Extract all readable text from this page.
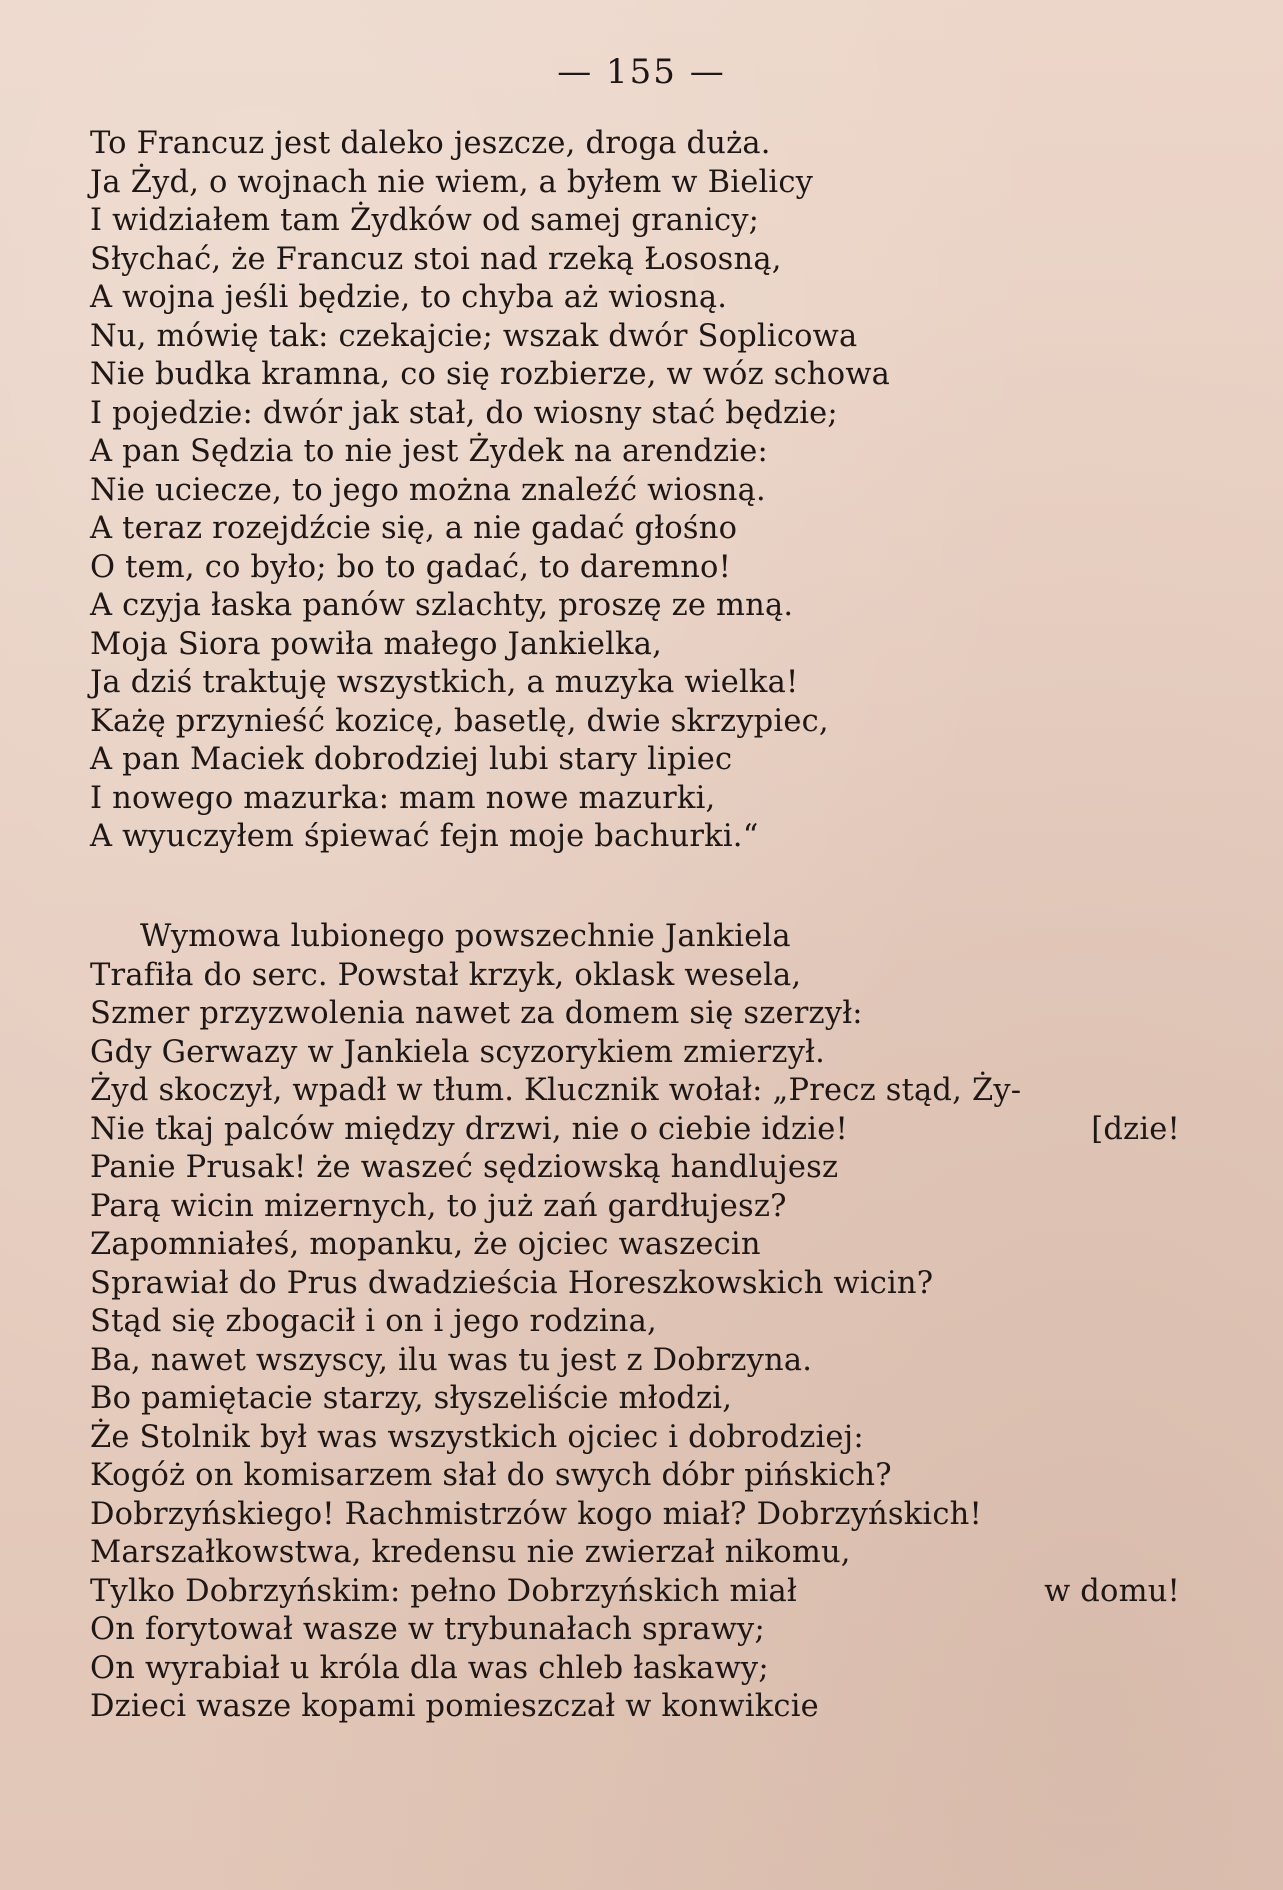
— 155 —
To Francuz jest daleko jeszcze, droga duża.
Ja Żyd, o wojnach nie wiem, a byłem w Bielicy
I widziałem tam Żydków od samej granicy;
Słychać, że Francuz stoi nad rzeką Łososną,
A wojna jeśli będzie, to chyba aż wiosną.
Nu, mówię tak: czekajcie; wszak dwór Soplicowa
Nie budka kramna, co się rozbierze, w wóz schowa
I pojedzie: dwór jak stał, do wiosny stać będzie;
A pan Sędzia to nie jest Żydek na arendzie:
Nie uciecze, to jego można znaleźć wiosną.
A teraz rozejdźcie się, a nie gadać głośno
O tem, co było; bo to gadać, to daremno!
A czyja łaska panów szlachty, proszę ze mną.
Moja Siora powiła małego Jankielka,
Ja dziś traktuję wszystkich, a muzyka wielka!
Każę przynieść kozicę, basetlę, dwie skrzypiec,
A pan Maciek dobrodziej lubi stary lipiec
I nowego mazurka: mam nowe mazurki,
A wyuczyłem śpiewać fejn moje bachurki.“
Wymowa lubionego powszechnie Jankiela
Trafiła do serc. Powstał krzyk, oklask wesela,
Szmer przyzwolenia nawet za domem się szerzył:
Gdy Gerwazy w Jankiela scyzorykiem zmierzył.
Żyd skoczył, wpadł w tłum. Klucznik wołał: „Precz stąd, Ży-
Nie tkaj palców między drzwi, nie o ciebie idzie!	[dzie!
Panie Prusak! że waszeć sędziowską handlujesz
Parą wicin mizernych, to już zań gardłujesz?
Zapomniałeś, mopanku, że ojciec waszecin
Sprawiał do Prus dwadzieścia Horeszkowskich wicin?
Stąd się zbogacił i on i jego rodzina,
Ba, nawet wszyscy, ilu was tu jest z Dobrzyna.
Bo pamiętacie starzy, słyszeliście młodzi,
Że Stolnik był was wszystkich ojciec i dobrodziej:
Kogóż on komisarzem słał do swych dóbr pińskich?
Dobrzyńskiego! Rachmistrzów kogo miał? Dobrzyńskich!
Marszałkowstwa, kredensu nie zwierzał nikomu,
Tylko Dobrzyńskim: pełno Dobrzyńskich miał	w domu!
On forytował wasze w trybunałach sprawy;
On wyrabiał u króla dla was chleb łaskawy;
Dzieci wasze kopami pomieszczał w konwikcie
